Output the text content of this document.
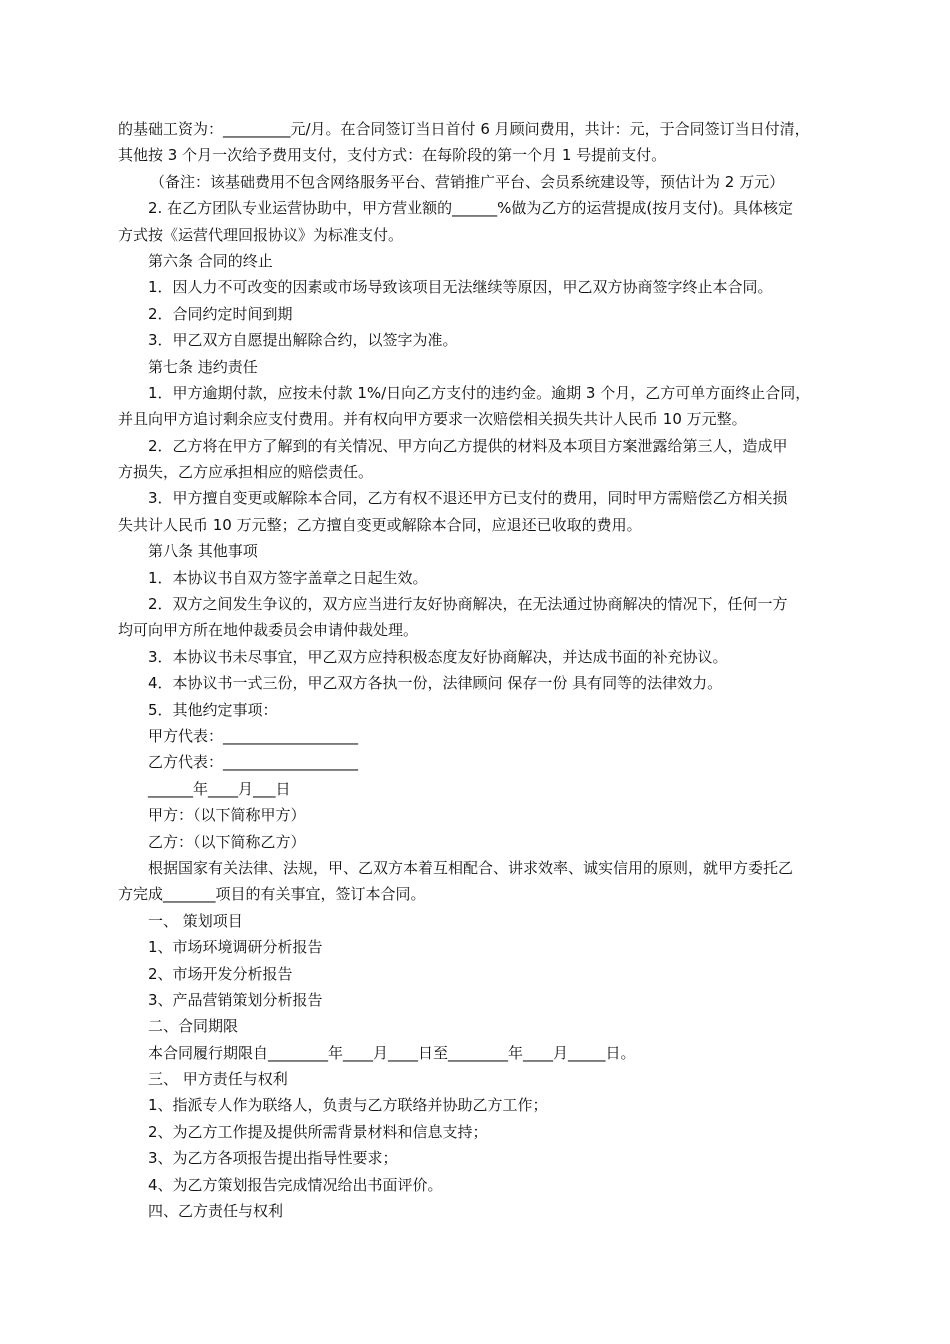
的基础工资为：_________元/月。在合同签订当日首付 6 月顾问费用，共计：元，于合同签订当日付清，
其他按 3 个月一次给予费用支付，支付方式：在每阶段的第一个月 1 号提前支付。
（备注：该基础费用不包含网络服务平台、营销推广平台、会员系统建设等，预估计为 2 万元）
2. 在乙方团队专业运营协助中，甲方营业额的______%做为乙方的运营提成(按月支付)。具体核定
方式按《运营代理回报协议》为标准支付。
第六条 合同的终止
1．因人力不可改变的因素或市场导致该项目无法继续等原因，甲乙双方协商签字终止本合同。
2．合同约定时间到期
3．甲乙双方自愿提出解除合约，以签字为准。
第七条 违约责任
1．甲方逾期付款，应按未付款 1%/日向乙方支付的违约金。逾期 3 个月，乙方可单方面终止合同，
并且向甲方追讨剩余应支付费用。并有权向甲方要求一次赔偿相关损失共计人民币 10 万元整。
2．乙方将在甲方了解到的有关情况、甲方向乙方提供的材料及本项目方案泄露给第三人，造成甲
方损失，乙方应承担相应的赔偿责任。
3．甲方擅自变更或解除本合同，乙方有权不退还甲方已支付的费用，同时甲方需赔偿乙方相关损
失共计人民币 10 万元整；乙方擅自变更或解除本合同，应退还已收取的费用。
第八条 其他事项
1．本协议书自双方签字盖章之日起生效。
2．双方之间发生争议的，双方应当进行友好协商解决，在无法通过协商解决的情况下，任何一方
均可向甲方所在地仲裁委员会申请仲裁处理。
3．本协议书未尽事宜，甲乙双方应持积极态度友好协商解决，并达成书面的补充协议。
4．本协议书一式三份，甲乙双方各执一份，法律顾问 保存一份 具有同等的法律效力。
5．其他约定事项：
甲方代表：__________________
乙方代表：__________________
______年____月___日
甲方：（以下简称甲方）
乙方：（以下简称乙方）
根据国家有关法律、法规，甲、乙双方本着互相配合、讲求效率、诚实信用的原则，就甲方委托乙
方完成_______项目的有关事宜，签订本合同。
一、 策划项目
1、市场环境调研分析报告
2、市场开发分析报告
3、产品营销策划分析报告
二、合同期限
本合同履行期限自________年____月____日至________年____月_____日。
三、 甲方责任与权利
1、指派专人作为联络人，负责与乙方联络并协助乙方工作；
2、为乙方工作提及提供所需背景材料和信息支持；
3、为乙方各项报告提出指导性要求；
4、为乙方策划报告完成情况给出书面评价。
四、乙方责任与权利
